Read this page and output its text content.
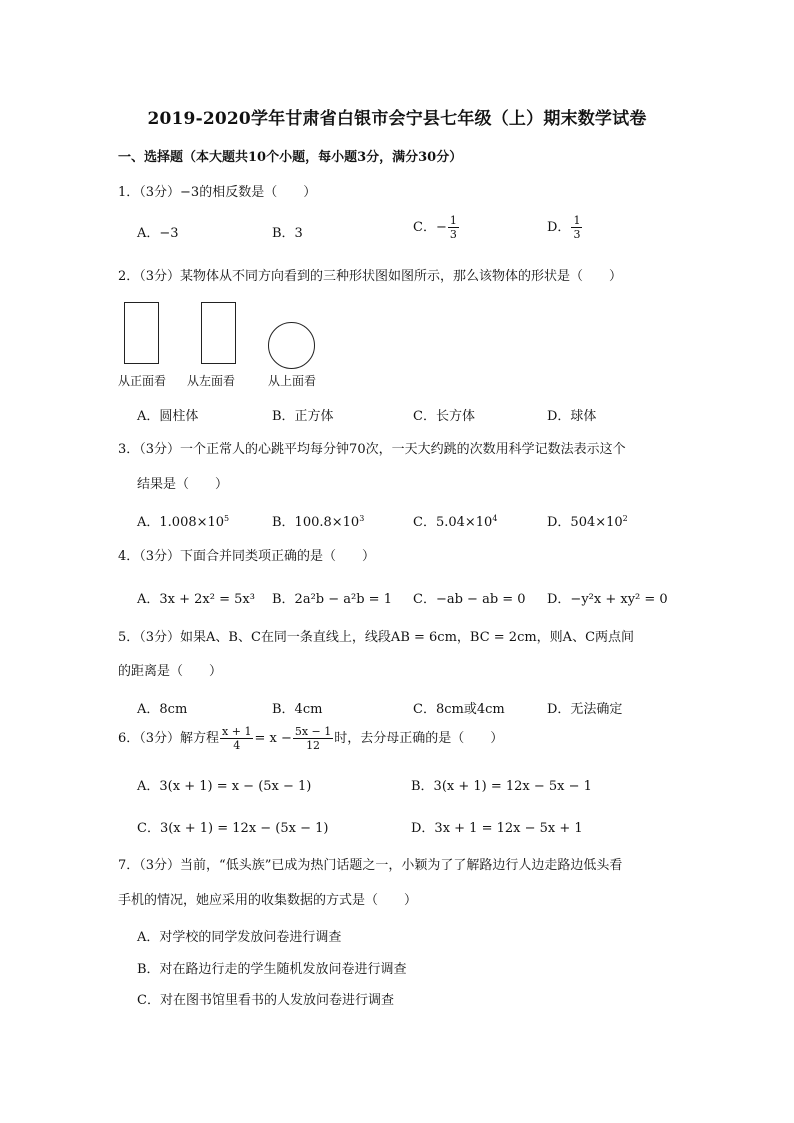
2019-2020学年甘肃省白银市会宁县七年级（上）期末数学试卷
一、选择题（本大题共10个小题，每小题3分，满分30分）
1．（3分）−3的相反数是（　　）
A．−3	B．3	C．− $\frac{1}{3}$	D． $\frac{1}{3}$
2．（3分）某物体从不同方向看到的三种形状图如图所示，那么该物体的形状是（　　）
从正面看 从左面看	从上面看
A．圆柱体	B．正方体	C．长方体	D．球体
3．（3分）一个正常人的心跳平均每分钟70次，一天大约跳的次数用科学记数法表示这个
结果是（　　）
A．$1.008\times 10^5$	B．$100.8\times 10^3$	C．$5.04\times 10^4$	D．$504\times 10^2$
4．（3分）下面合并同类项正确的是（　　）
A．3x + 2x² = 5x³ B．2a²b − a²b = 1 C．−ab − ab = 0 D．−y²x + xy² = 0
5．（3分）如果A、B、C在同一条直线上，线段AB = 6cm，BC = 2cm，则A、C两点间
的距离是（　　）
A．8cm	B．4cm	C．8cm或4cm	D．无法确定
6．（3分）解方程 $\frac{x + 1}{4} = x - \frac{5x - 1}{12}$ 时，去分母正确的是（　　）
A．3(x + 1) = x − (5x − 1)	B．3(x + 1) = 12x − 5x − 1
C．3(x + 1) = 12x − (5x − 1)	D．3x + 1 = 12x − 5x + 1
7．（3分）当前，“低头族”已成为热门话题之一，小颖为了了解路边行人边走路边低头看
手机的情况，她应采用的收集数据的方式是（　　）
A．对学校的同学发放问卷进行调查
B．对在路边行走的学生随机发放问卷进行调查
C．对在图书馆里看书的人发放问卷进行调查
